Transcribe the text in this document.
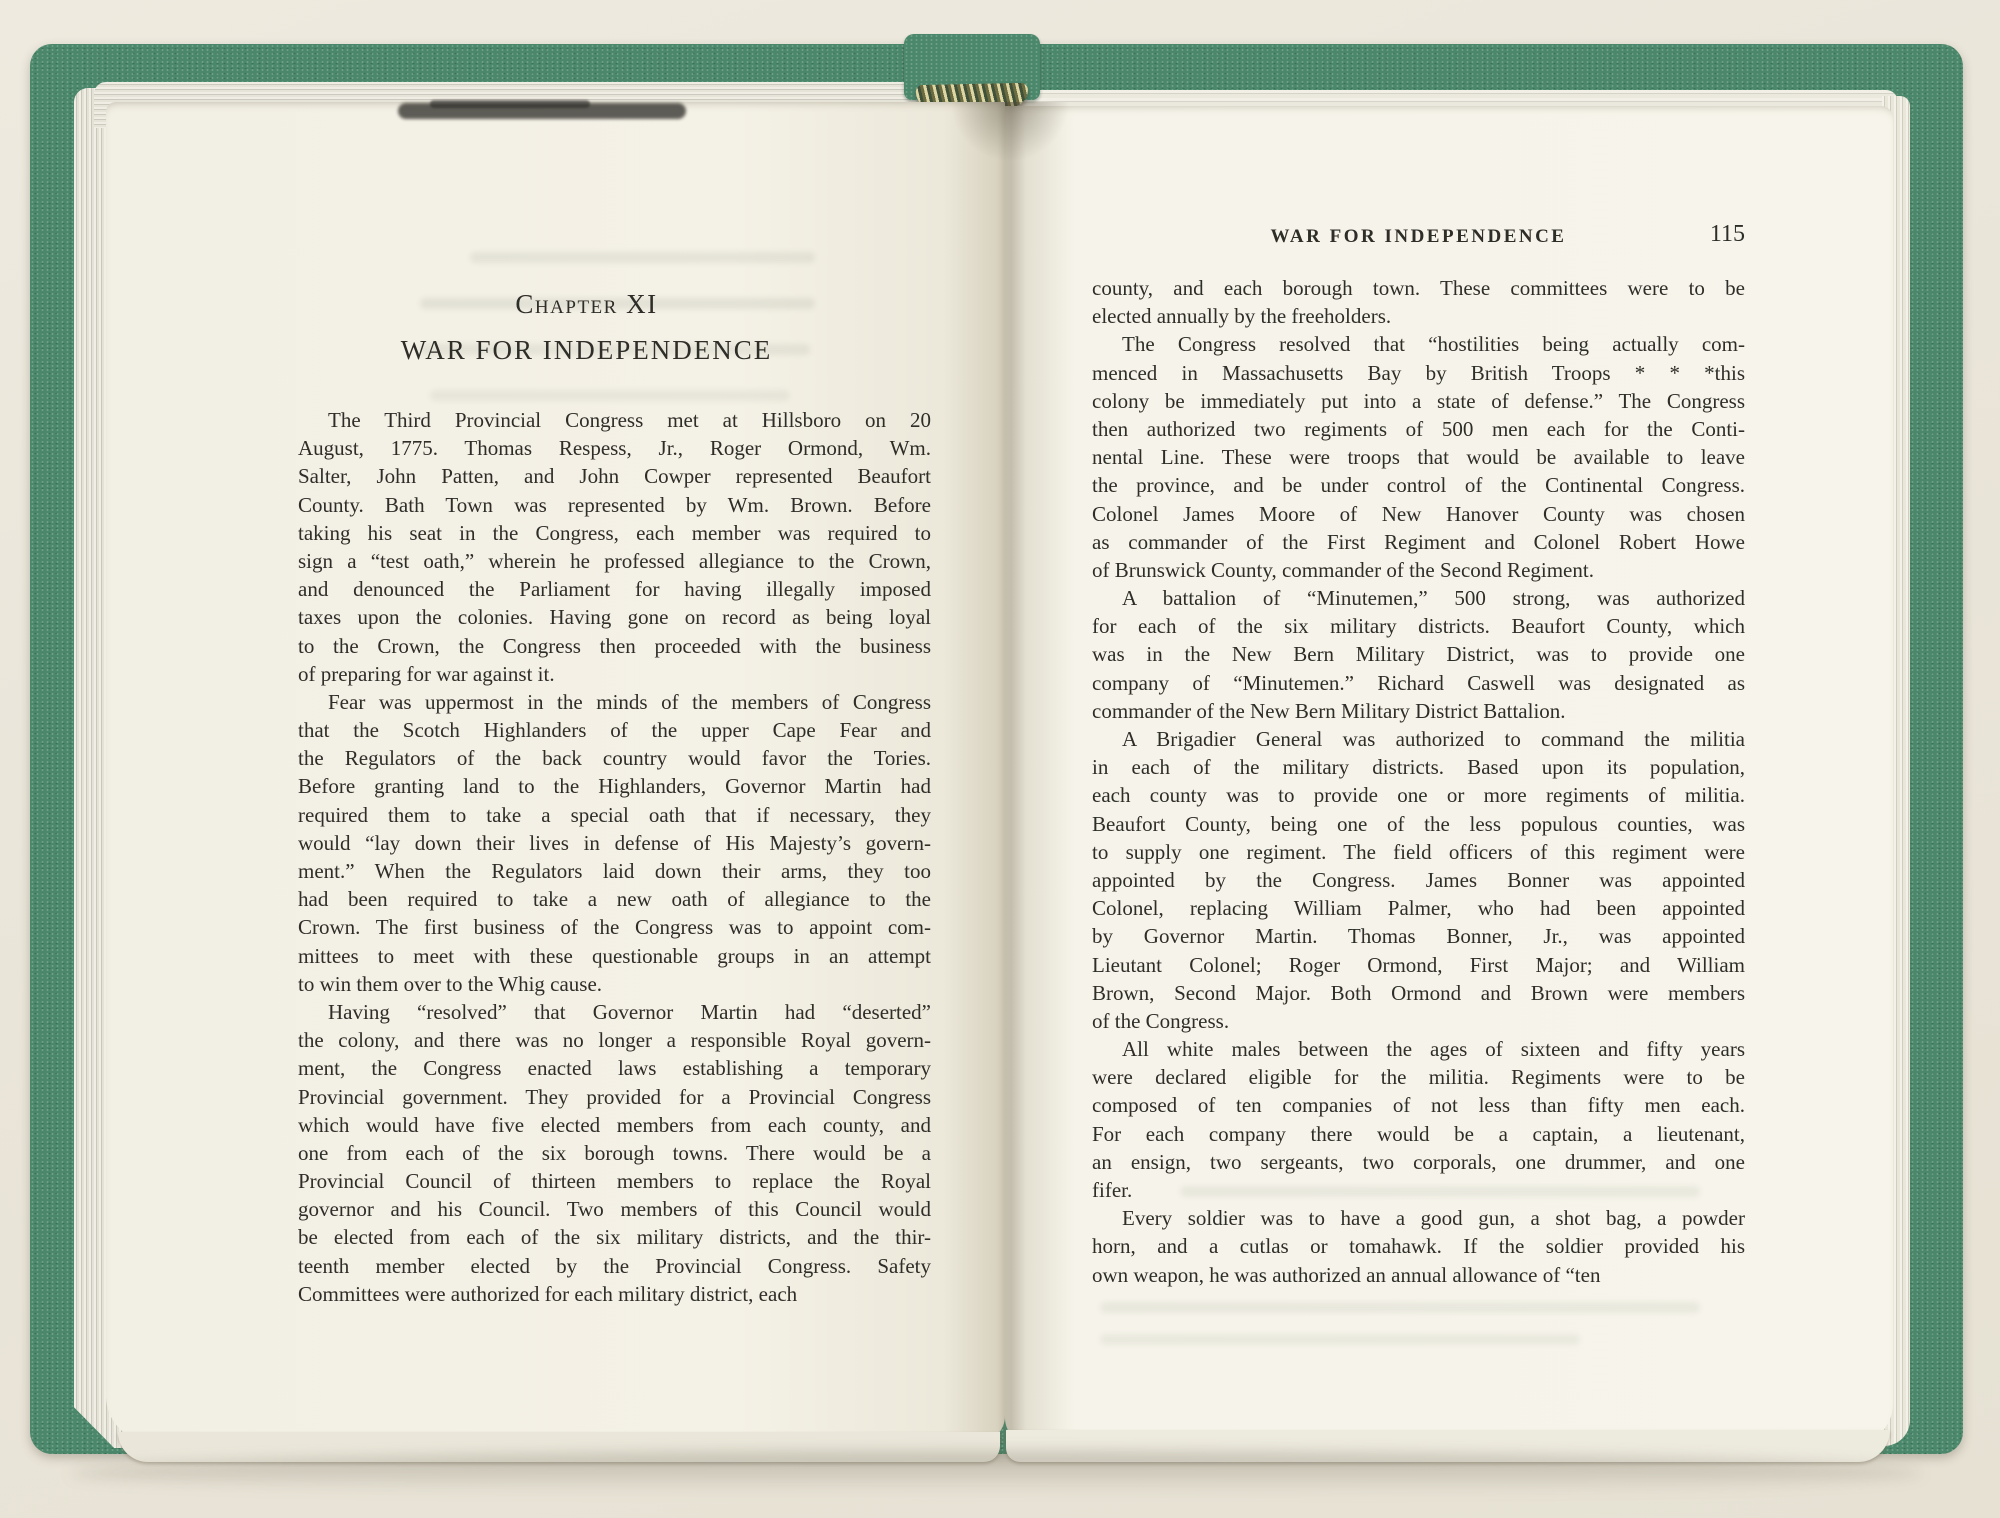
Chapter XI
WAR FOR INDEPENDENCE
The Third Provincial Congress met at Hillsboro on 20
August, 1775. Thomas Respess, Jr., Roger Ormond, Wm.
Salter, John Patten, and John Cowper represented Beaufort
County. Bath Town was represented by Wm. Brown. Before
taking his seat in the Congress, each member was required to
sign a “test oath,” wherein he professed allegiance to the Crown,
and denounced the Parliament for having illegally imposed
taxes upon the colonies. Having gone on record as being loyal
to the Crown, the Congress then proceeded with the business
of preparing for war against it.
Fear was uppermost in the minds of the members of Congress
that the Scotch Highlanders of the upper Cape Fear and
the Regulators of the back country would favor the Tories.
Before granting land to the Highlanders, Governor Martin had
required them to take a special oath that if necessary, they
would “lay down their lives in defense of His Majesty’s govern-
ment.” When the Regulators laid down their arms, they too
had been required to take a new oath of allegiance to the
Crown. The first business of the Congress was to appoint com-
mittees to meet with these questionable groups in an attempt
to win them over to the Whig cause.
Having “resolved” that Governor Martin had “deserted”
the colony, and there was no longer a responsible Royal govern-
ment, the Congress enacted laws establishing a temporary
Provincial government. They provided for a Provincial Congress
which would have five elected members from each county, and
one from each of the six borough towns. There would be a
Provincial Council of thirteen members to replace the Royal
governor and his Council. Two members of this Council would
be elected from each of the six military districts, and the thir-
teenth member elected by the Provincial Congress. Safety
Committees were authorized for each military district, each
WAR FOR INDEPENDENCE	115
county, and each borough town. These committees were to be
elected annually by the freeholders.
The Congress resolved that “hostilities being actually com-
menced in Massachusetts Bay by British Troops * * *this
colony be immediately put into a state of defense.” The Congress
then authorized two regiments of 500 men each for the Conti-
nental Line. These were troops that would be available to leave
the province, and be under control of the Continental Congress.
Colonel James Moore of New Hanover County was chosen
as commander of the First Regiment and Colonel Robert Howe
of Brunswick County, commander of the Second Regiment.
A battalion of “Minutemen,” 500 strong, was authorized
for each of the six military districts. Beaufort County, which
was in the New Bern Military District, was to provide one
company of “Minutemen.” Richard Caswell was designated as
commander of the New Bern Military District Battalion.
A Brigadier General was authorized to command the militia
in each of the military districts. Based upon its population,
each county was to provide one or more regiments of militia.
Beaufort County, being one of the less populous counties, was
to supply one regiment. The field officers of this regiment were
appointed by the Congress. James Bonner was appointed
Colonel, replacing William Palmer, who had been appointed
by Governor Martin. Thomas Bonner, Jr., was appointed
Lieutant Colonel; Roger Ormond, First Major; and William
Brown, Second Major. Both Ormond and Brown were members
of the Congress.
All white males between the ages of sixteen and fifty years
were declared eligible for the militia. Regiments were to be
composed of ten companies of not less than fifty men each.
For each company there would be a captain, a lieutenant,
an ensign, two sergeants, two corporals, one drummer, and one
fifer.
Every soldier was to have a good gun, a shot bag, a powder
horn, and a cutlas or tomahawk. If the soldier provided his
own weapon, he was authorized an annual allowance of “ten
